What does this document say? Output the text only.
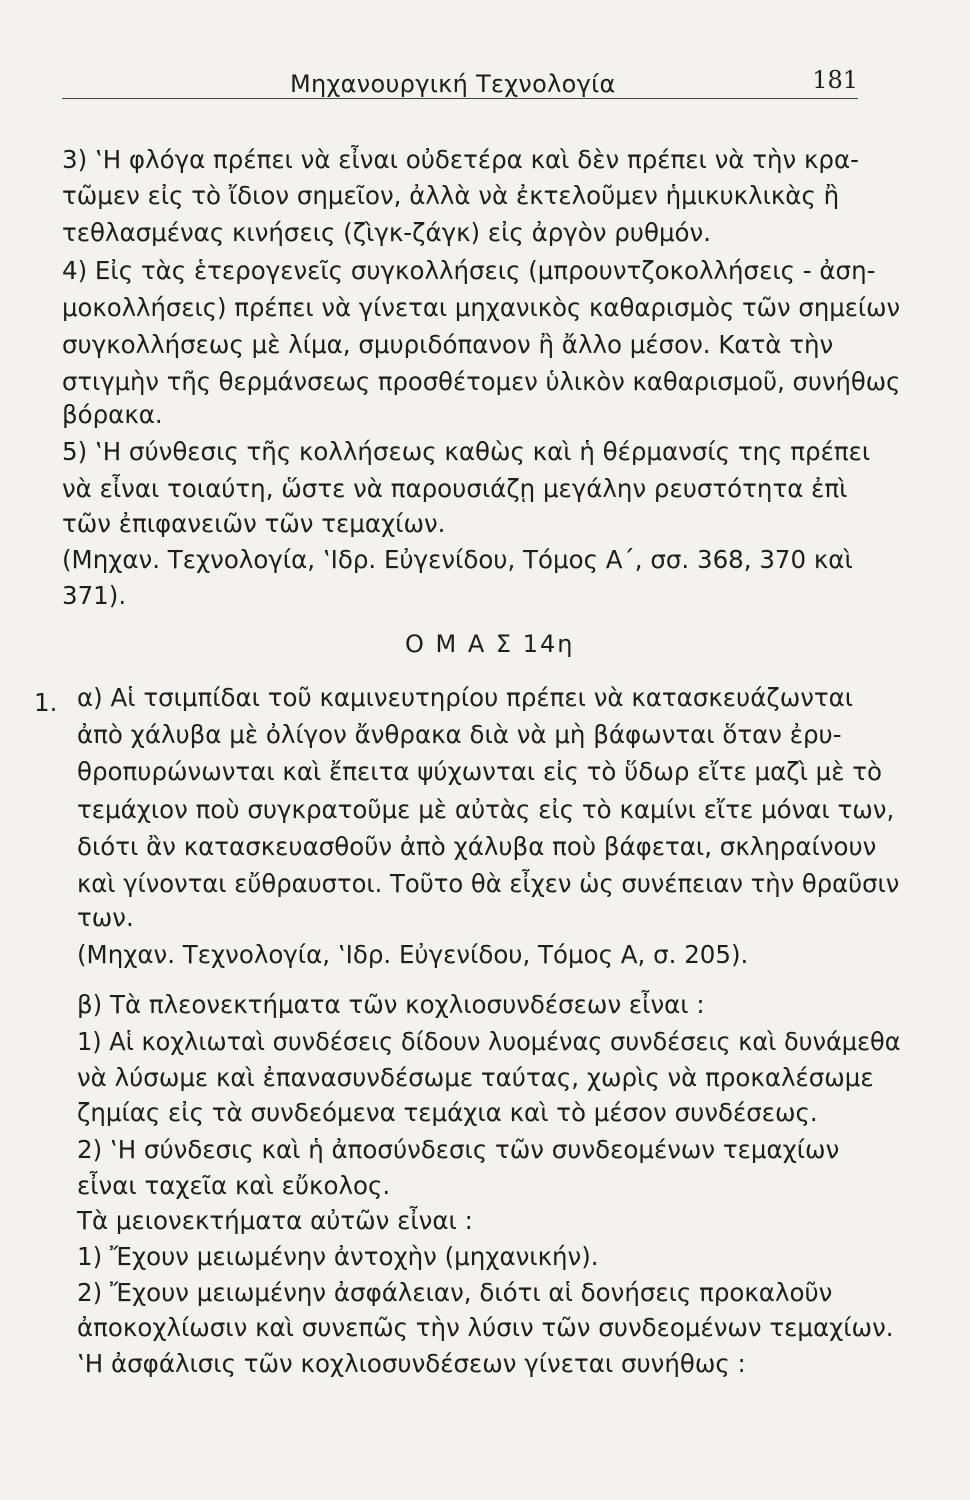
Μηχανουργική Τεχνολογία	181
3) ‛Η φλόγα πρέπει νὰ εἶναι οὐδετέρα καὶ δὲν πρέπει νὰ τὴν κρα-
τῶμεν εἰς τὸ ἴδιον σημεῖον, ἀλλὰ νὰ ἐκτελοῦμεν ἡμικυκλικὰς ἢ
τεθλασμένας κινήσεις (ζὶγκ-ζάγκ) εἰς ἀργὸν ρυθμόν.
4) Εἰς τὰς ἑτερογενεῖς συγκολλήσεις (μπρουντζοκολλήσεις - ἀση-
μοκολλήσεις) πρέπει νὰ γίνεται μηχανικὸς καθαρισμὸς τῶν σημείων
συγκολλήσεως μὲ λίμα, σμυριδόπανον ἢ ἄλλο μέσον. Κατὰ τὴν
στιγμὴν τῆς θερμάνσεως προσθέτομεν ὑλικὸν καθαρισμοῦ, συνήθως
βόρακα.
5) ‛Η σύνθεσις τῆς κολλήσεως καθὼς καὶ ἡ θέρμανσίς της πρέπει
νὰ εἶναι τοιαύτη, ὥστε νὰ παρουσιάζῃ μεγάλην ρευστότητα ἐπὶ
τῶν ἐπιφανειῶν τῶν τεμαχίων.
(Μηχαν. Τεχνολογία, ‛Ιδρ. Εὐγενίδου, Τόμος Α΄, σσ. 368, 370 καὶ
371).
Ο Μ Α Σ 14η
1. α) Αἱ τσιμπίδαι τοῦ καμινευτηρίου πρέπει νὰ κατασκευάζωνται
ἀπὸ χάλυβα μὲ ὀλίγον ἄνθρακα διὰ νὰ μὴ βάφωνται ὅταν ἐρυ-
θροπυρώνωνται καὶ ἔπειτα ψύχωνται εἰς τὸ ὕδωρ εἴτε μαζὶ μὲ τὸ
τεμάχιον ποὺ συγκρατοῦμε μὲ αὐτὰς εἰς τὸ καμίνι εἴτε μόναι των,
διότι ἂν κατασκευασθοῦν ἀπὸ χάλυβα ποὺ βάφεται, σκληραίνουν
καὶ γίνονται εὔθραυστοι. Τοῦτο θὰ εἶχεν ὡς συνέπειαν τὴν θραῦσιν
των.
(Μηχαν. Τεχνολογία, ‛Ιδρ. Εὐγενίδου, Τόμος Α, σ. 205).
β) Τὰ πλεονεκτήματα τῶν κοχλιοσυνδέσεων εἶναι :
1) Αἱ κοχλιωταὶ συνδέσεις δίδουν λυομένας συνδέσεις καὶ δυνάμεθα
νὰ λύσωμε καὶ ἐπανασυνδέσωμε ταύτας, χωρὶς νὰ προκαλέσωμε
ζημίας εἰς τὰ συνδεόμενα τεμάχια καὶ τὸ μέσον συνδέσεως.
2) ‛Η σύνδεσις καὶ ἡ ἀποσύνδεσις τῶν συνδεομένων τεμαχίων
εἶναι ταχεῖα καὶ εὔκολος.
Τὰ μειονεκτήματα αὐτῶν εἶναι :
1) Ἔχουν μειωμένην ἀντοχὴν (μηχανικήν).
2) Ἔχουν μειωμένην ἀσφάλειαν, διότι αἱ δονήσεις προκαλοῦν
ἀποκοχλίωσιν καὶ συνεπῶς τὴν λύσιν τῶν συνδεομένων τεμαχίων.
‛Η ἀσφάλισις τῶν κοχλιοσυνδέσεων γίνεται συνήθως :
